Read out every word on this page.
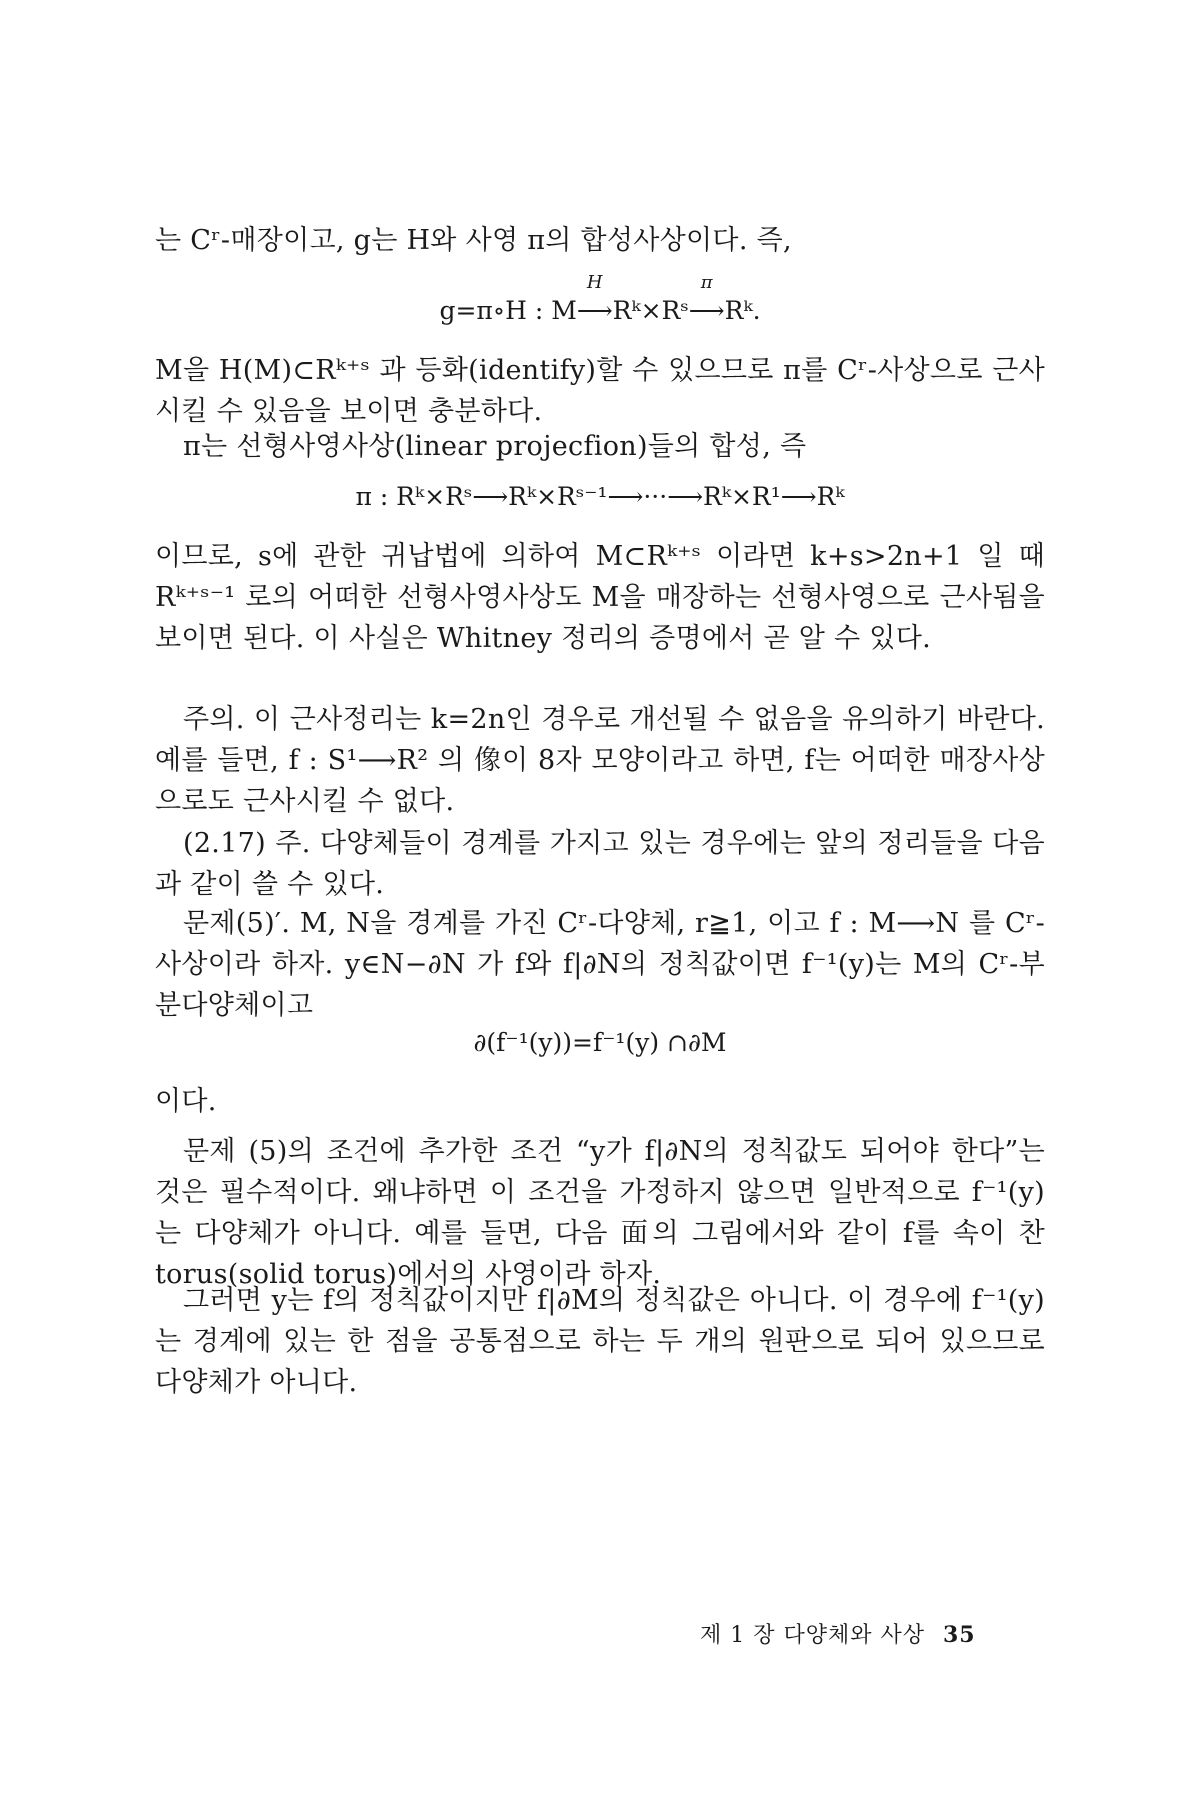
는 Cʳ-매장이고, g는 H와 사영 π의 합성사상이다. 즉,

g=π∘H : M
H
⟶Rᵏ×Rˢ
π
⟶Rᵏ.

M을 H(M)⊂Rᵏ⁺ˢ 과 등화(identify)할 수 있으므로 π를 Cʳ-사상으로 근사시킬 수 있음을 보이면 충분하다.

π는 선형사영사상(linear projecfion)들의 합성, 즉

π : Rᵏ×Rˢ⟶Rᵏ×Rˢ⁻¹⟶···⟶Rᵏ×R¹⟶Rᵏ

이므로, s에 관한 귀납법에 의하여 M⊂Rᵏ⁺ˢ 이라면 k+s>2n+1 일 때 Rᵏ⁺ˢ⁻¹ 로의 어떠한 선형사영사상도 M을 매장하는 선형사영으로 근사됨을 보이면 된다. 이 사실은 Whitney 정리의 증명에서 곧 알 수 있다.

주의. 이 근사정리는 k=2n인 경우로 개선될 수 없음을 유의하기 바란다. 예를 들면, f : S¹⟶R² 의 像이 8자 모양이라고 하면, f는 어떠한 매장사상으로도 근사시킬 수 없다.

(2.17) 주. 다양체들이 경계를 가지고 있는 경우에는 앞의 정리들을 다음과 같이 쓸 수 있다.

문제(5)′. M, N을 경계를 가진 Cʳ-다양체, r≧1, 이고 f : M⟶N 를 Cʳ-사상이라 하자. y∈N−∂N 가 f와 f|∂N의 정칙값이면 f⁻¹(y)는 M의 Cʳ-부분다양체이고

∂(f⁻¹(y))=f⁻¹(y) ∩∂M

이다.

문제 (5)의 조건에 추가한 조건 “y가 f|∂N의 정칙값도 되어야 한다”는 것은 필수적이다. 왜냐하면 이 조건을 가정하지 않으면 일반적으로 f⁻¹(y)는 다양체가 아니다. 예를 들면, 다음 面의 그림에서와 같이 f를 속이 찬 torus(solid torus)에서의 사영이라 하자.

그러면 y는 f의 정칙값이지만 f|∂M의 정칙값은 아니다. 이 경우에 f⁻¹(y)는 경계에 있는 한 점을 공통점으로 하는 두 개의 원판으로 되어 있으므로 다양체가 아니다.

제 1 장 다양체와 사상 35
